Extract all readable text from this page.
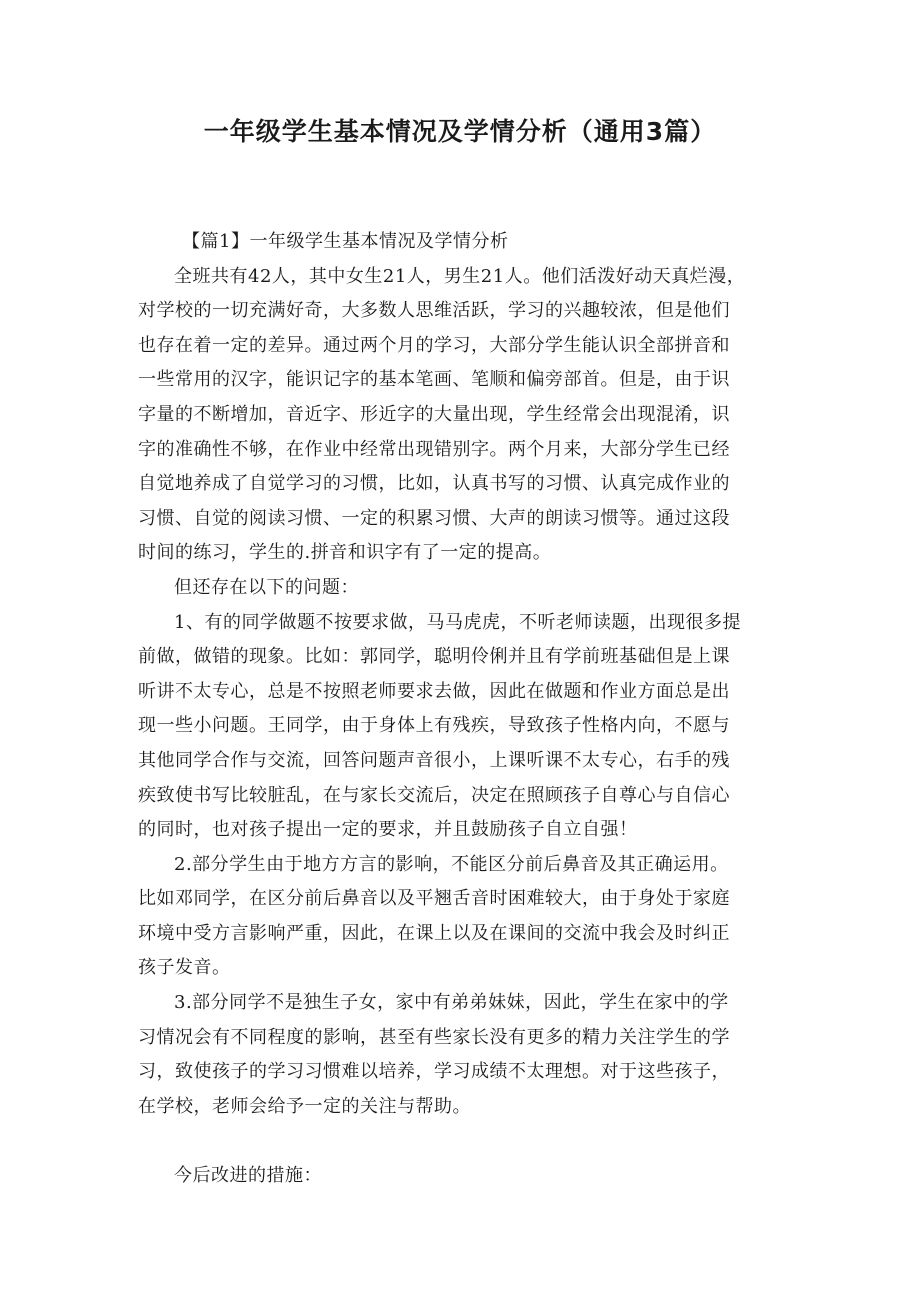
一年级学生基本情况及学情分析（通用3篇）
【篇1】一年级学生基本情况及学情分析
全班共有42人，其中女生21人，男生21人。他们活泼好动天真烂漫，
对学校的一切充满好奇，大多数人思维活跃，学习的兴趣较浓，但是他们
也存在着一定的差异。通过两个月的学习，大部分学生能认识全部拼音和
一些常用的汉字，能识记字的基本笔画、笔顺和偏旁部首。但是，由于识
字量的不断增加，音近字、形近字的大量出现，学生经常会出现混淆，识
字的准确性不够，在作业中经常出现错别字。两个月来，大部分学生已经
自觉地养成了自觉学习的习惯，比如，认真书写的习惯、认真完成作业的
习惯、自觉的阅读习惯、一定的积累习惯、大声的朗读习惯等。通过这段
时间的练习，学生的.拼音和识字有了一定的提高。
但还存在以下的问题：
1、有的同学做题不按要求做，马马虎虎，不听老师读题，出现很多提
前做，做错的现象。比如：郭同学，聪明伶俐并且有学前班基础但是上课
听讲不太专心，总是不按照老师要求去做，因此在做题和作业方面总是出
现一些小问题。王同学，由于身体上有残疾，导致孩子性格内向，不愿与
其他同学合作与交流，回答问题声音很小，上课听课不太专心，右手的残
疾致使书写比较脏乱，在与家长交流后，决定在照顾孩子自尊心与自信心
的同时，也对孩子提出一定的要求，并且鼓励孩子自立自强！
2.部分学生由于地方方言的影响，不能区分前后鼻音及其正确运用。
比如邓同学，在区分前后鼻音以及平翘舌音时困难较大，由于身处于家庭
环境中受方言影响严重，因此，在课上以及在课间的交流中我会及时纠正
孩子发音。
3.部分同学不是独生子女，家中有弟弟妹妹，因此，学生在家中的学
习情况会有不同程度的影响，甚至有些家长没有更多的精力关注学生的学
习，致使孩子的学习习惯难以培养，学习成绩不太理想。对于这些孩子，
在学校，老师会给予一定的关注与帮助。
今后改进的措施：
